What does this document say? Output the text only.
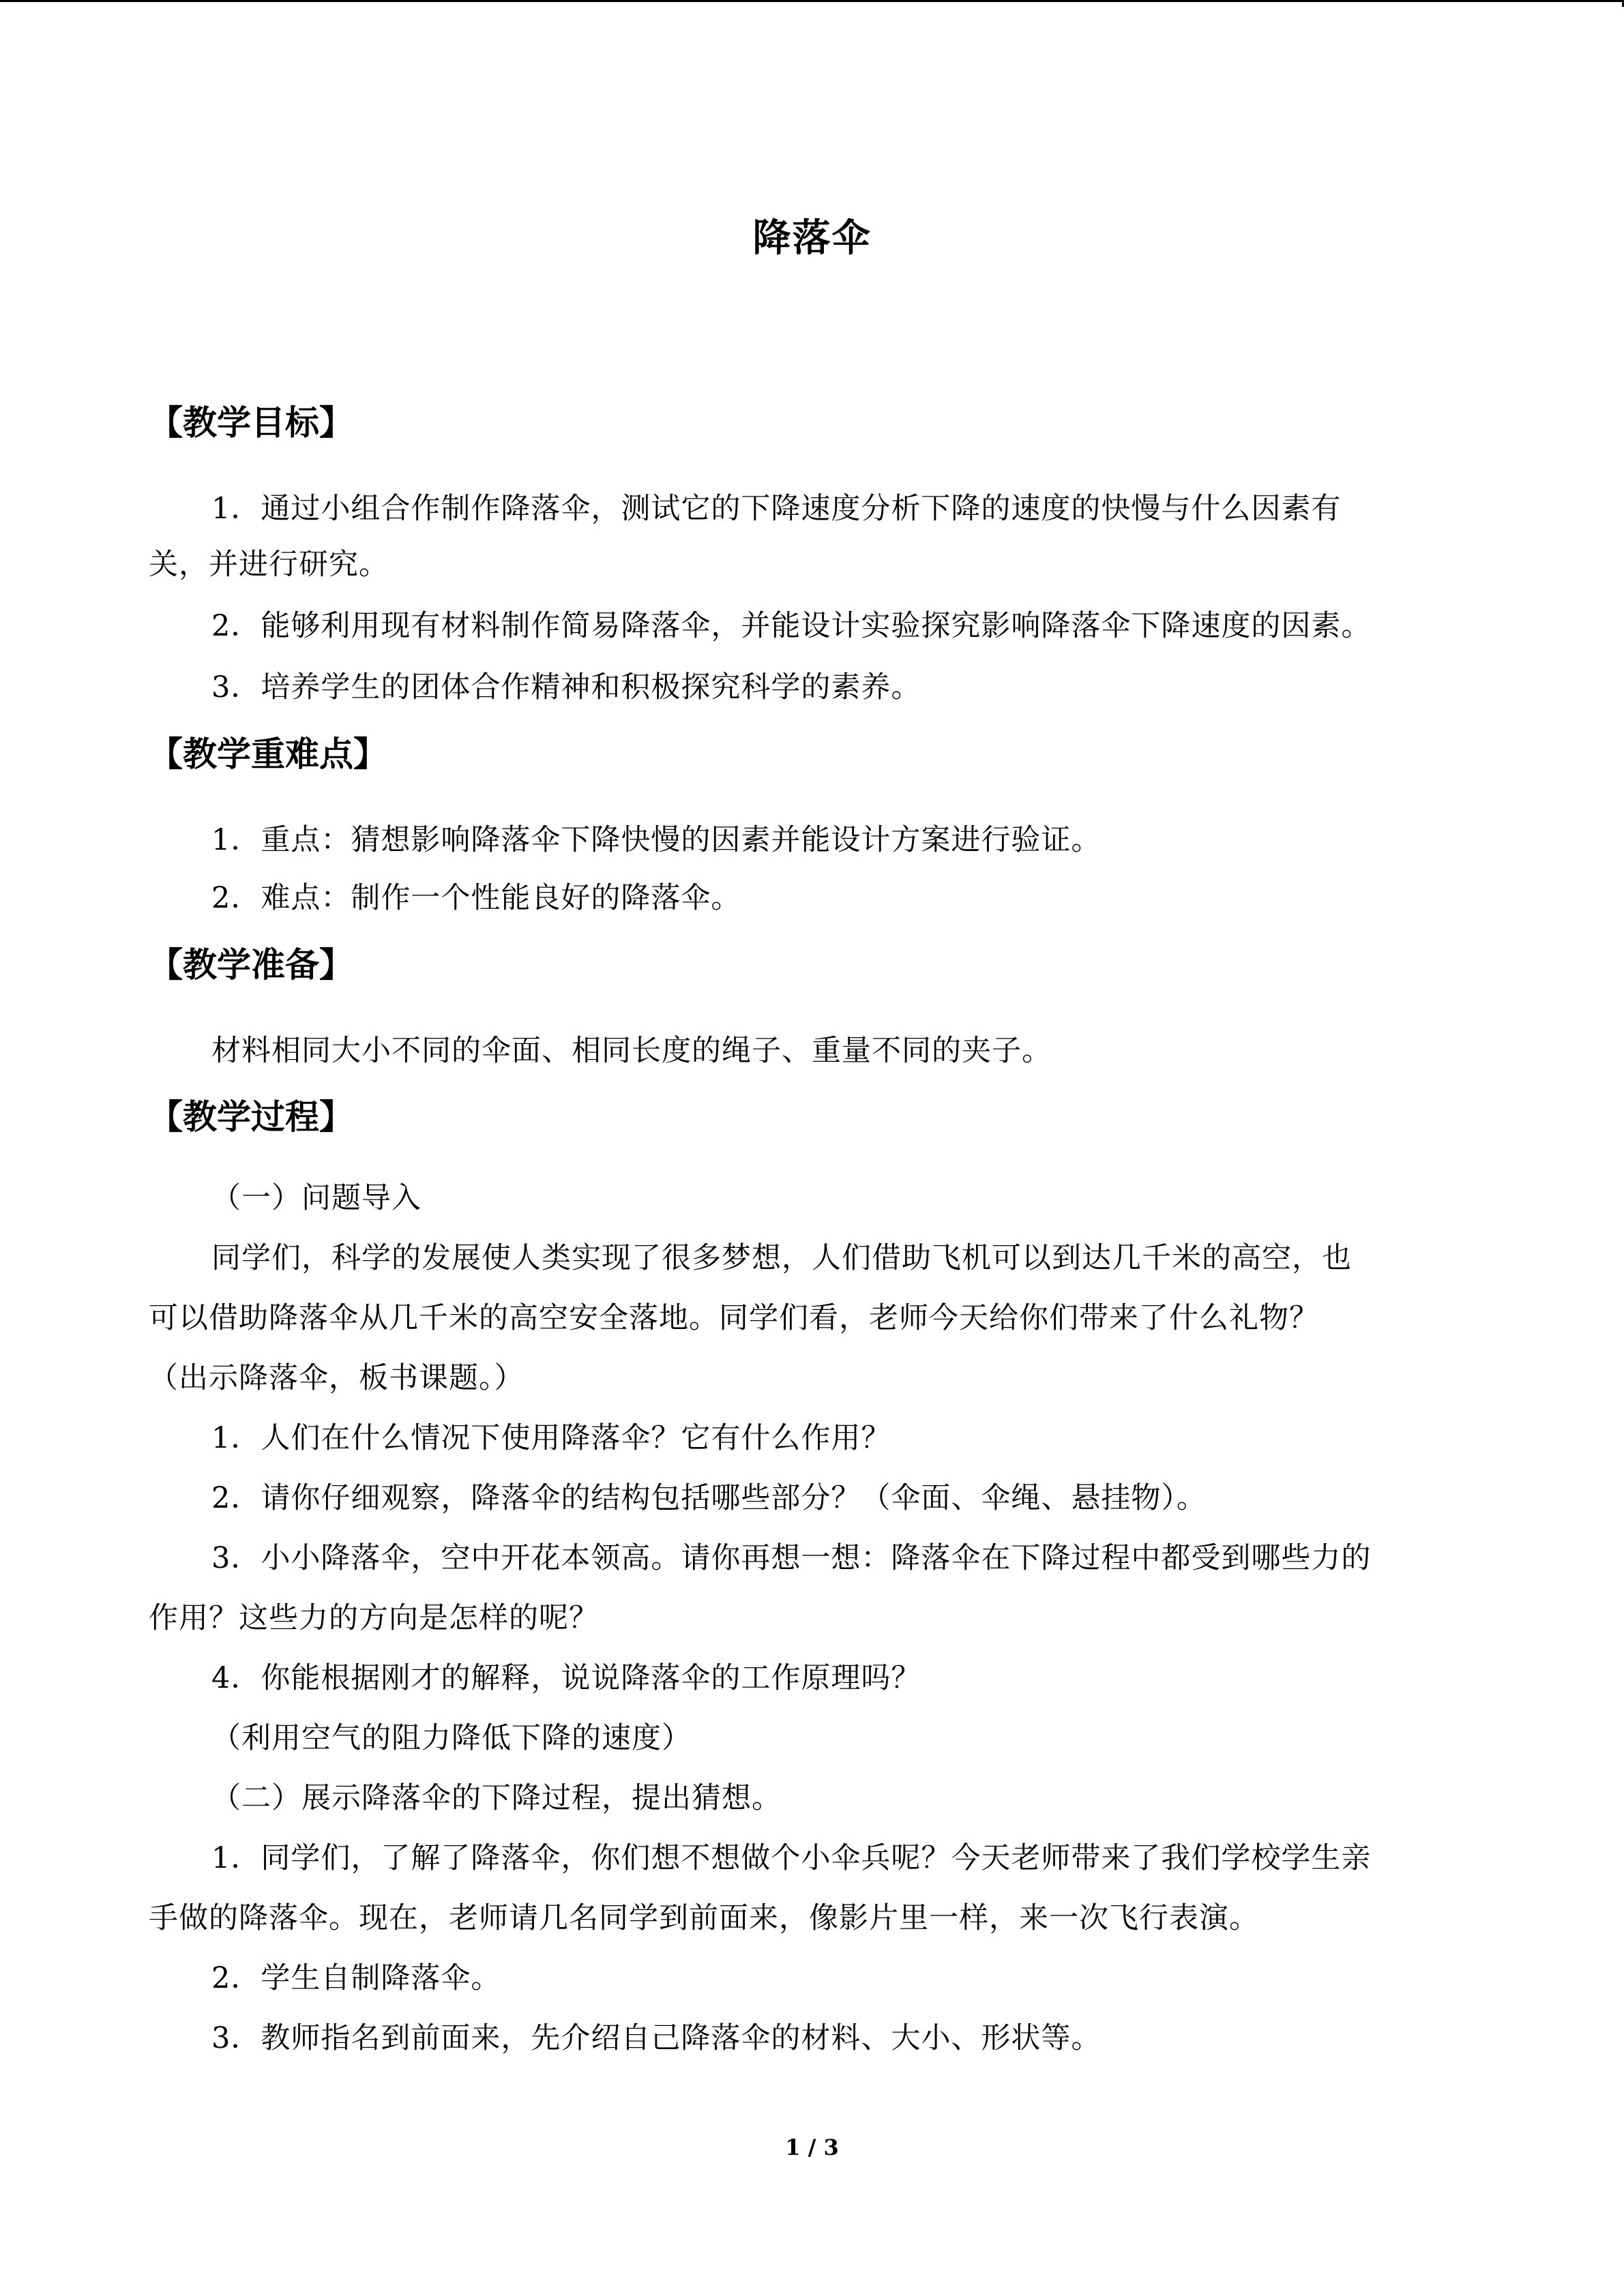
降落伞
【教学目标】
1．通过小组合作制作降落伞，测试它的下降速度分析下降的速度的快慢与什么因素有
关，并进行研究。
2．能够利用现有材料制作简易降落伞，并能设计实验探究影响降落伞下降速度的因素。
3．培养学生的团体合作精神和积极探究科学的素养。
【教学重难点】
1．重点：猜想影响降落伞下降快慢的因素并能设计方案进行验证。
2．难点：制作一个性能良好的降落伞。
【教学准备】
材料相同大小不同的伞面、相同长度的绳子、重量不同的夹子。
【教学过程】
（一）问题导入
同学们，科学的发展使人类实现了很多梦想，人们借助飞机可以到达几千米的高空，也
可以借助降落伞从几千米的高空安全落地。同学们看，老师今天给你们带来了什么礼物？
（出示降落伞，板书课题。）
1．人们在什么情况下使用降落伞？它有什么作用？
2．请你仔细观察，降落伞的结构包括哪些部分？（伞面、伞绳、悬挂物）。
3．小小降落伞，空中开花本领高。请你再想一想：降落伞在下降过程中都受到哪些力的
作用？这些力的方向是怎样的呢？
4．你能根据刚才的解释，说说降落伞的工作原理吗？
（利用空气的阻力降低下降的速度）
（二）展示降落伞的下降过程，提出猜想。
1．同学们，了解了降落伞，你们想不想做个小伞兵呢？今天老师带来了我们学校学生亲
手做的降落伞。现在，老师请几名同学到前面来，像影片里一样，来一次飞行表演。
2．学生自制降落伞。
3．教师指名到前面来，先介绍自己降落伞的材料、大小、形状等。
1 / 3
